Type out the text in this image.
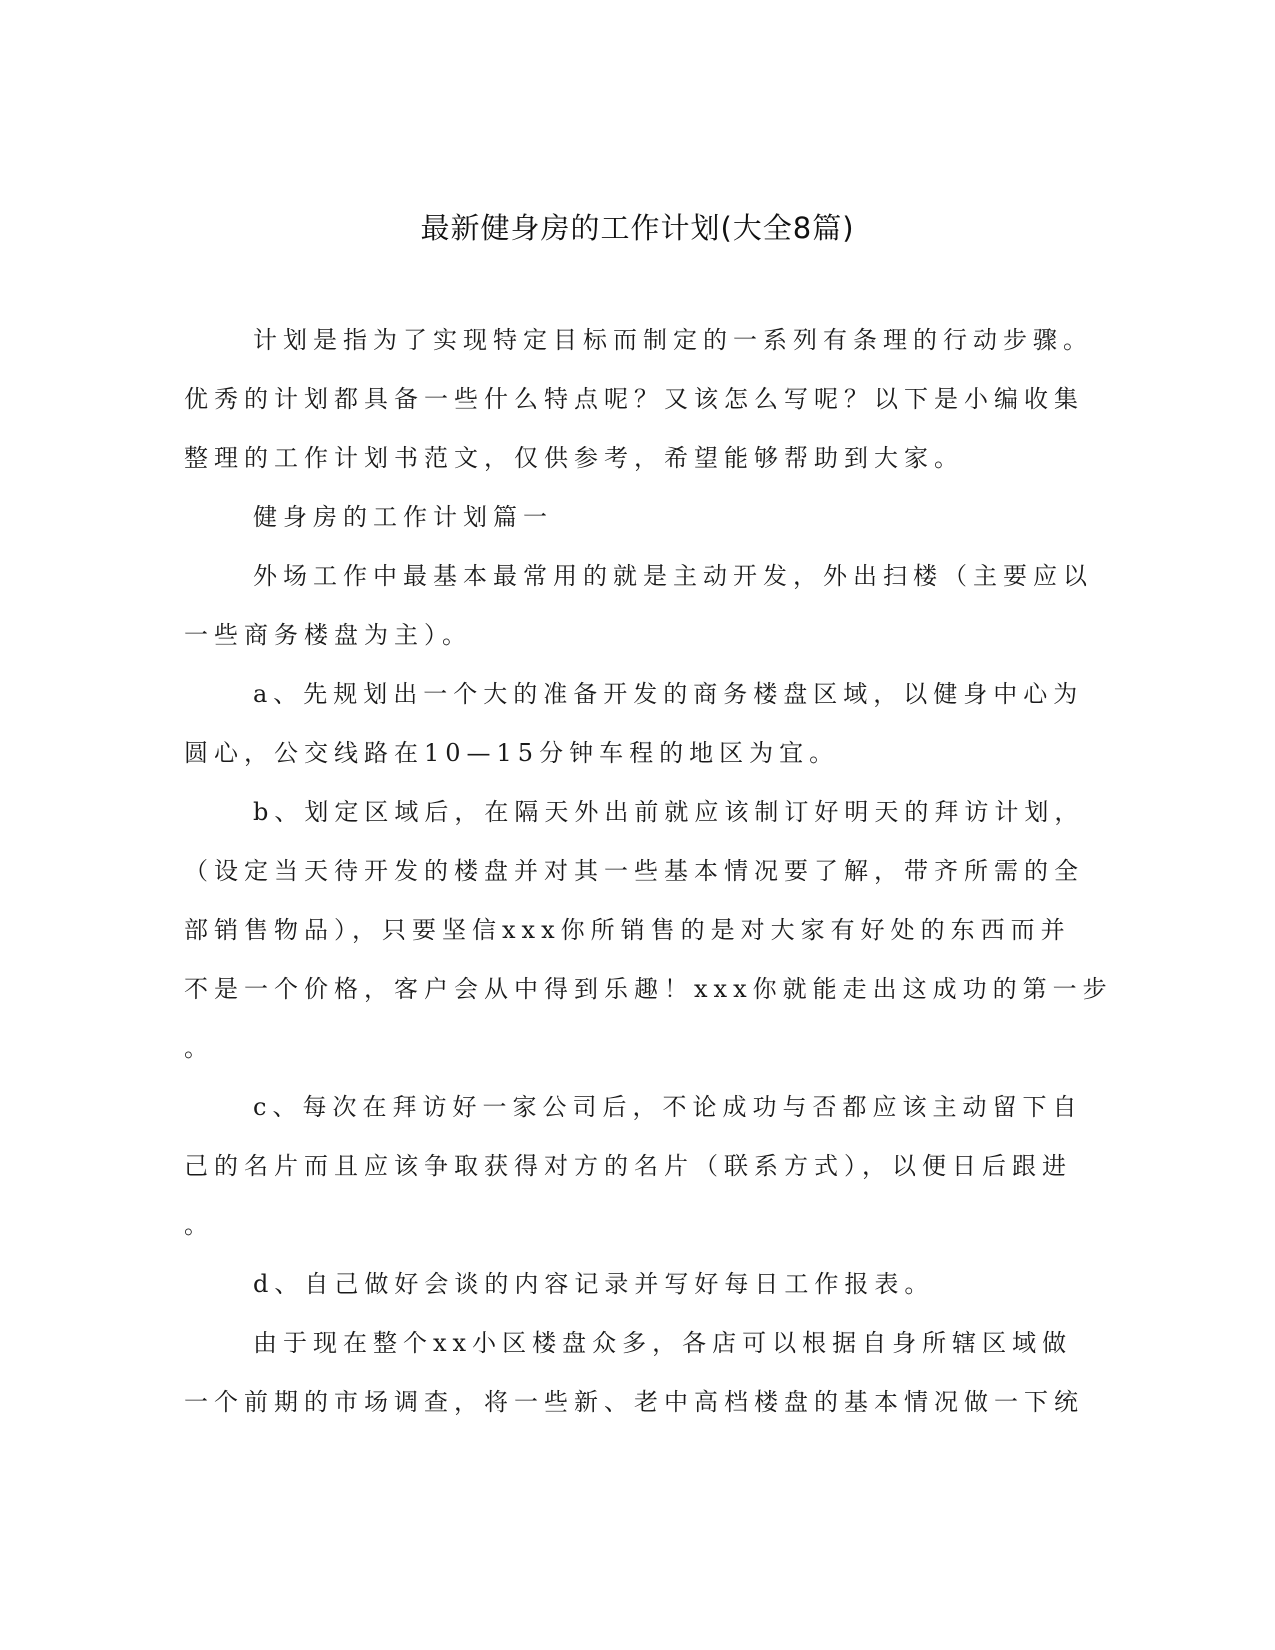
最新健身房的工作计划(大全8篇)
计划是指为了实现特定目标而制定的一系列有条理的行动步骤。
优秀的计划都具备一些什么特点呢？又该怎么写呢？以下是小编收集
整理的工作计划书范文，仅供参考，希望能够帮助到大家。
健身房的工作计划篇一
外场工作中最基本最常用的就是主动开发，外出扫楼（主要应以
一些商务楼盘为主）。
a、先规划出一个大的准备开发的商务楼盘区域，以健身中心为
圆心，公交线路在10—15分钟车程的地区为宜。
b、划定区域后，在隔天外出前就应该制订好明天的拜访计划，
（设定当天待开发的楼盘并对其一些基本情况要了解，带齐所需的全
部销售物品），只要坚信xxx你所销售的是对大家有好处的东西而并
不是一个价格，客户会从中得到乐趣！xxx你就能走出这成功的第一步
。
c、每次在拜访好一家公司后，不论成功与否都应该主动留下自
己的名片而且应该争取获得对方的名片（联系方式），以便日后跟进
。
d、自己做好会谈的内容记录并写好每日工作报表。
由于现在整个xx小区楼盘众多，各店可以根据自身所辖区域做
一个前期的市场调查，将一些新、老中高档楼盘的基本情况做一下统
